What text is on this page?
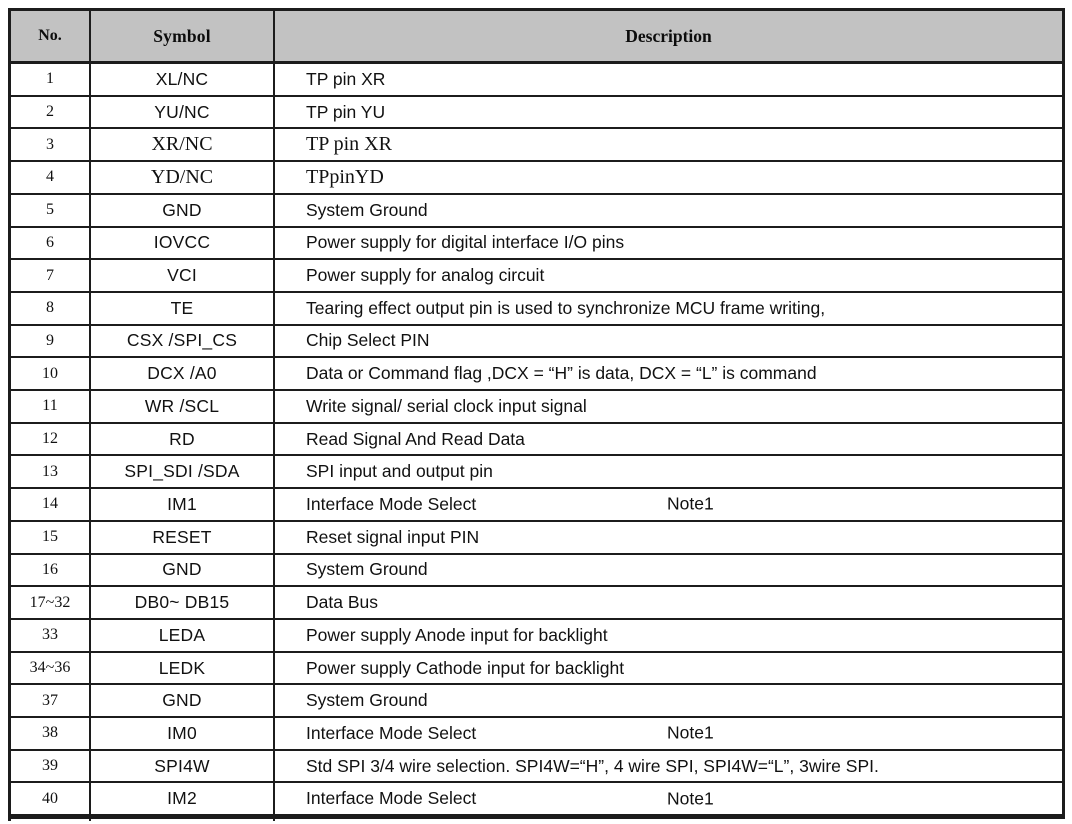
No.	Symbol	Description
1	XL/NC	TP pin XR
2	YU/NC	TP pin YU
3	XR/NC	TP pin XR
4	YD/NC	TPpinYD
5	GND	System Ground
6	IOVCC	Power supply for digital interface I/O pins
7	VCI	Power supply for analog circuit
8	TE	Tearing effect output pin is used to synchronize MCU frame writing,
9	CSX /SPI_CS	Chip Select PIN
10	DCX /A0	Data or Command flag ,DCX = “H” is data, DCX = “L” is command
11	WR /SCL	Write signal/ serial clock input signal
12	RD	Read Signal And Read Data
13	SPI_SDI /SDA	SPI input and output pin
14	IM1	Interface Mode Select	Note1
15	RESET	Reset signal input PIN
16	GND	System Ground
17~32	DB0~ DB15	Data Bus
33	LEDA	Power supply Anode input for backlight
34~36	LEDK	Power supply Cathode input for backlight
37	GND	System Ground
38	IM0	Interface Mode Select	Note1
39	SPI4W	Std SPI 3/4 wire selection. SPI4W=“H”, 4 wire SPI, SPI4W=“L”, 3wire SPI.
40	IM2	Interface Mode Select	Note1
